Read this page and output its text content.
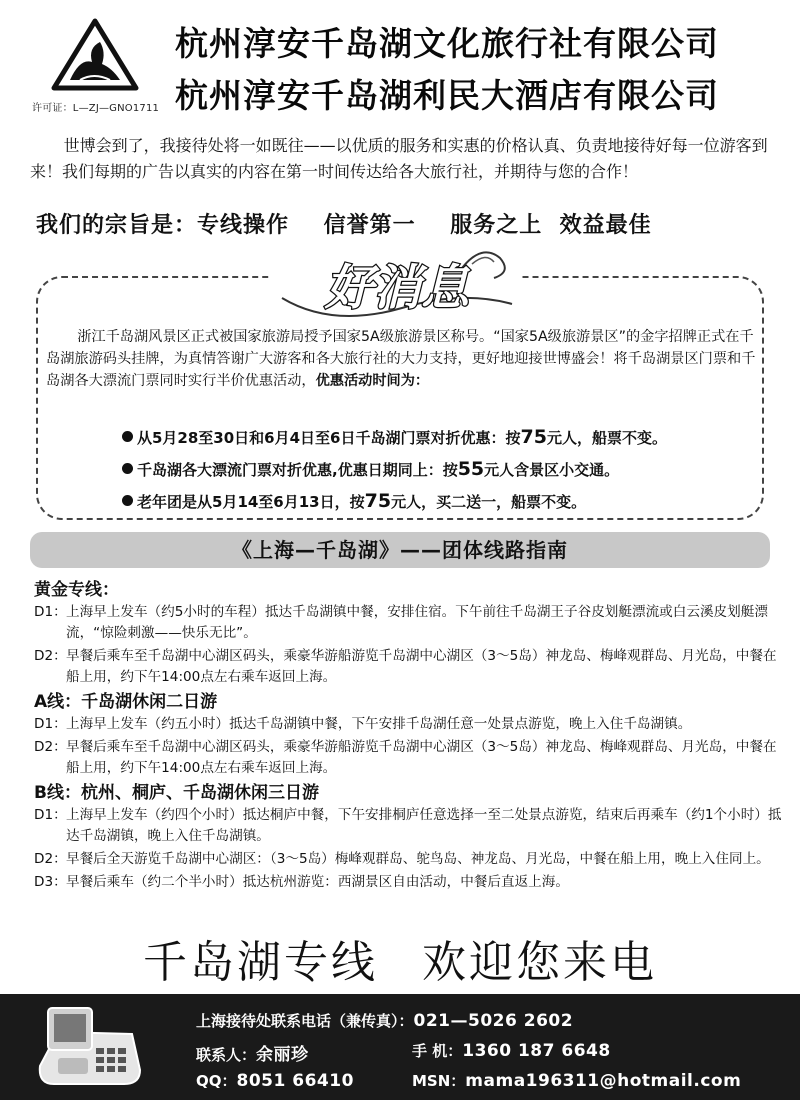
许可证：L—ZJ—GNO1711
杭州淳安千岛湖文化旅行社有限公司
杭州淳安千岛湖利民大酒店有限公司

世博会到了，我接待处将一如既往——以优质的服务和实惠的价格认真、负责地接待好每一位游客到来！我们每期的广告以真实的内容在第一时间传达给各大旅行社，并期待与您的合作！

我们的宗旨是：专线操作    信誉第一    服务之上  效益最佳
好消息
浙江千岛湖风景区正式被国家旅游局授予国家5A级旅游景区称号。“国家5A级旅游景区”的金字招牌正式在千岛湖旅游码头挂牌，为真情答谢广大游客和各大旅行社的大力支持，更好地迎接世博盛会！将千岛湖景区门票和千岛湖各大漂流门票同时实行半价优惠活动，优惠活动时间为：
从5月28至30日和6月4日至6日千岛湖门票对折优惠：按75元人，船票不变。
千岛湖各大漂流门票对折优惠,优惠日期同上：按55元人含景区小交通。
老年团是从5月14至6月13日，按75元人，买二送一，船票不变。
《上海—千岛湖》——团体线路指南
黄金专线：
D1： 上海早上发车（约5小时的车程）抵达千岛湖镇中餐，安排住宿。下午前往千岛湖王子谷皮划艇漂流或白云溪皮划艇漂流，“惊险刺激——快乐无比”。
D2： 早餐后乘车至千岛湖中心湖区码头，乘豪华游船游览千岛湖中心湖区（3～5岛）神龙岛、梅峰观群岛、月光岛，中餐在船上用，约下午14:00点左右乘车返回上海。
A线：千岛湖休闲二日游
D1： 上海早上发车（约五小时）抵达千岛湖镇中餐，下午安排千岛湖任意一处景点游览，晚上入住千岛湖镇。
D2： 早餐后乘车至千岛湖中心湖区码头，乘豪华游船游览千岛湖中心湖区（3～5岛）神龙岛、梅峰观群岛、月光岛，中餐在船上用，约下午14:00点左右乘车返回上海。
B线：杭州、桐庐、千岛湖休闲三日游
D1： 上海早上发车（约四个小时）抵达桐庐中餐，下午安排桐庐任意选择一至二处景点游览，结束后再乘车（约1个小时）抵达千岛湖镇，晚上入住千岛湖镇。
D2： 早餐后全天游览千岛湖中心湖区：（3～5岛）梅峰观群岛、鸵鸟岛、神龙岛、月光岛，中餐在船上用，晚上入住同上。
D3： 早餐后乘车（约二个半小时）抵达杭州游览：西湖景区自由活动，中餐后直返上海。
千岛湖专线 欢迎您来电
上海接待处联系电话（兼传真）：021—5026 2602
联系人：余丽珍	手 机：1360 187 6648
QQ：8051 66410	MSN：mama196311@hotmail.com
